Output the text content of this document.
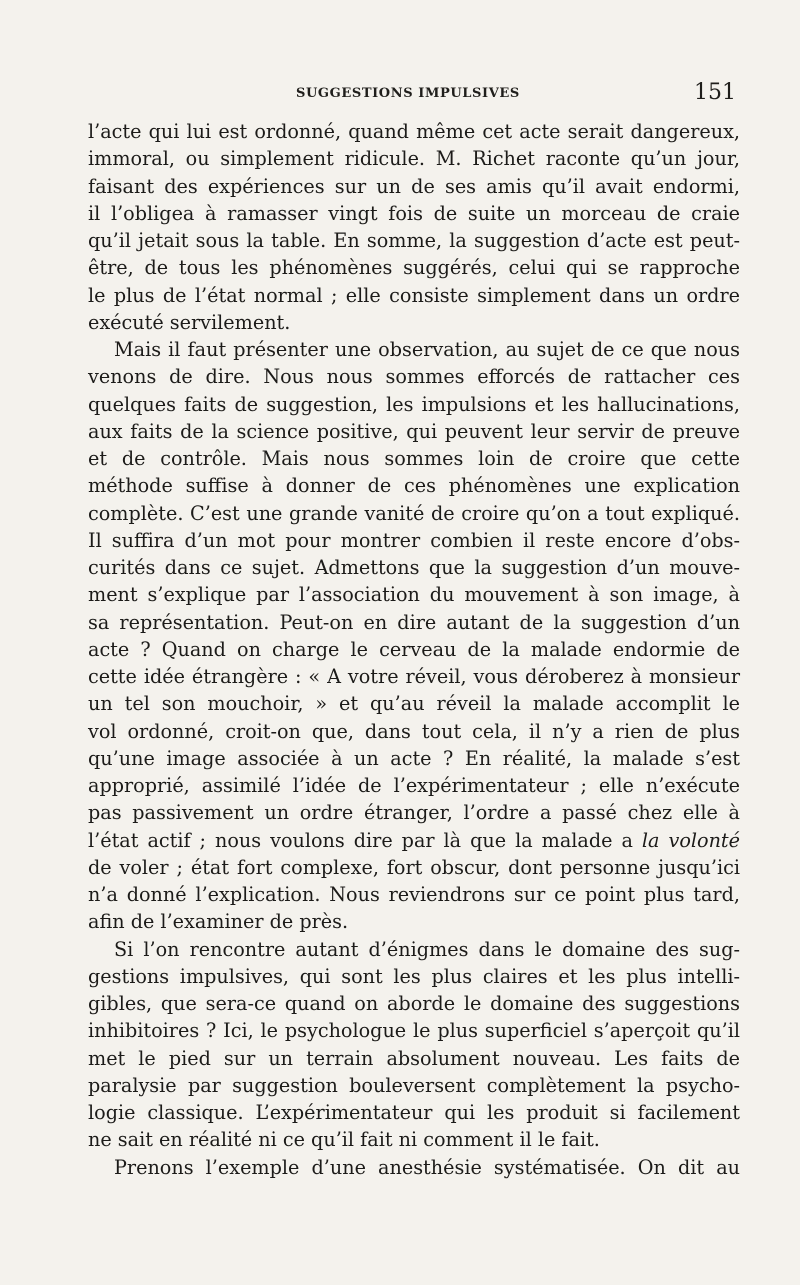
SUGGESTIONS IMPULSIVES	151
l’acte qui lui est ordonné, quand même cet acte serait dangereux,
immoral, ou simplement ridicule. M. Richet raconte qu’un jour,
faisant des expériences sur un de ses amis qu’il avait endormi,
il l’obligea à ramasser vingt fois de suite un morceau de craie
qu’il jetait sous la table. En somme, la suggestion d’acte est peut-
être, de tous les phénomènes suggérés, celui qui se rapproche
le plus de l’état normal ; elle consiste simplement dans un ordre
exécuté servilement.
Mais il faut présenter une observation, au sujet de ce que nous
venons de dire. Nous nous sommes efforcés de rattacher ces
quelques faits de suggestion, les impulsions et les hallucinations,
aux faits de la science positive, qui peuvent leur servir de preuve
et de contrôle. Mais nous sommes loin de croire que cette
méthode suffise à donner de ces phénomènes une explication
complète. C’est une grande vanité de croire qu’on a tout expliqué.
Il suffira d’un mot pour montrer combien il reste encore d’obs-
curités dans ce sujet. Admettons que la suggestion d’un mouve-
ment s’explique par l’association du mouvement à son image, à
sa représentation. Peut-on en dire autant de la suggestion d’un
acte ? Quand on charge le cerveau de la malade endormie de
cette idée étrangère : « A votre réveil, vous déroberez à monsieur
un tel son mouchoir, » et qu’au réveil la malade accomplit le
vol ordonné, croit-on que, dans tout cela, il n’y a rien de plus
qu’une image associée à un acte ? En réalité, la malade s’est
approprié, assimilé l’idée de l’expérimentateur ; elle n’exécute
pas passivement un ordre étranger, l’ordre a passé chez elle à
l’état actif ; nous voulons dire par là que la malade a la volonté
de voler ; état fort complexe, fort obscur, dont personne jusqu’ici
n’a donné l’explication. Nous reviendrons sur ce point plus tard,
afin de l’examiner de près.
Si l’on rencontre autant d’énigmes dans le domaine des sug-
gestions impulsives, qui sont les plus claires et les plus intelli-
gibles, que sera-ce quand on aborde le domaine des suggestions
inhibitoires ? Ici, le psychologue le plus superficiel s’aperçoit qu’il
met le pied sur un terrain absolument nouveau. Les faits de
paralysie par suggestion bouleversent complètement la psycho-
logie classique. L’expérimentateur qui les produit si facilement
ne sait en réalité ni ce qu’il fait ni comment il le fait.
Prenons l’exemple d’une anesthésie systématisée. On dit au
